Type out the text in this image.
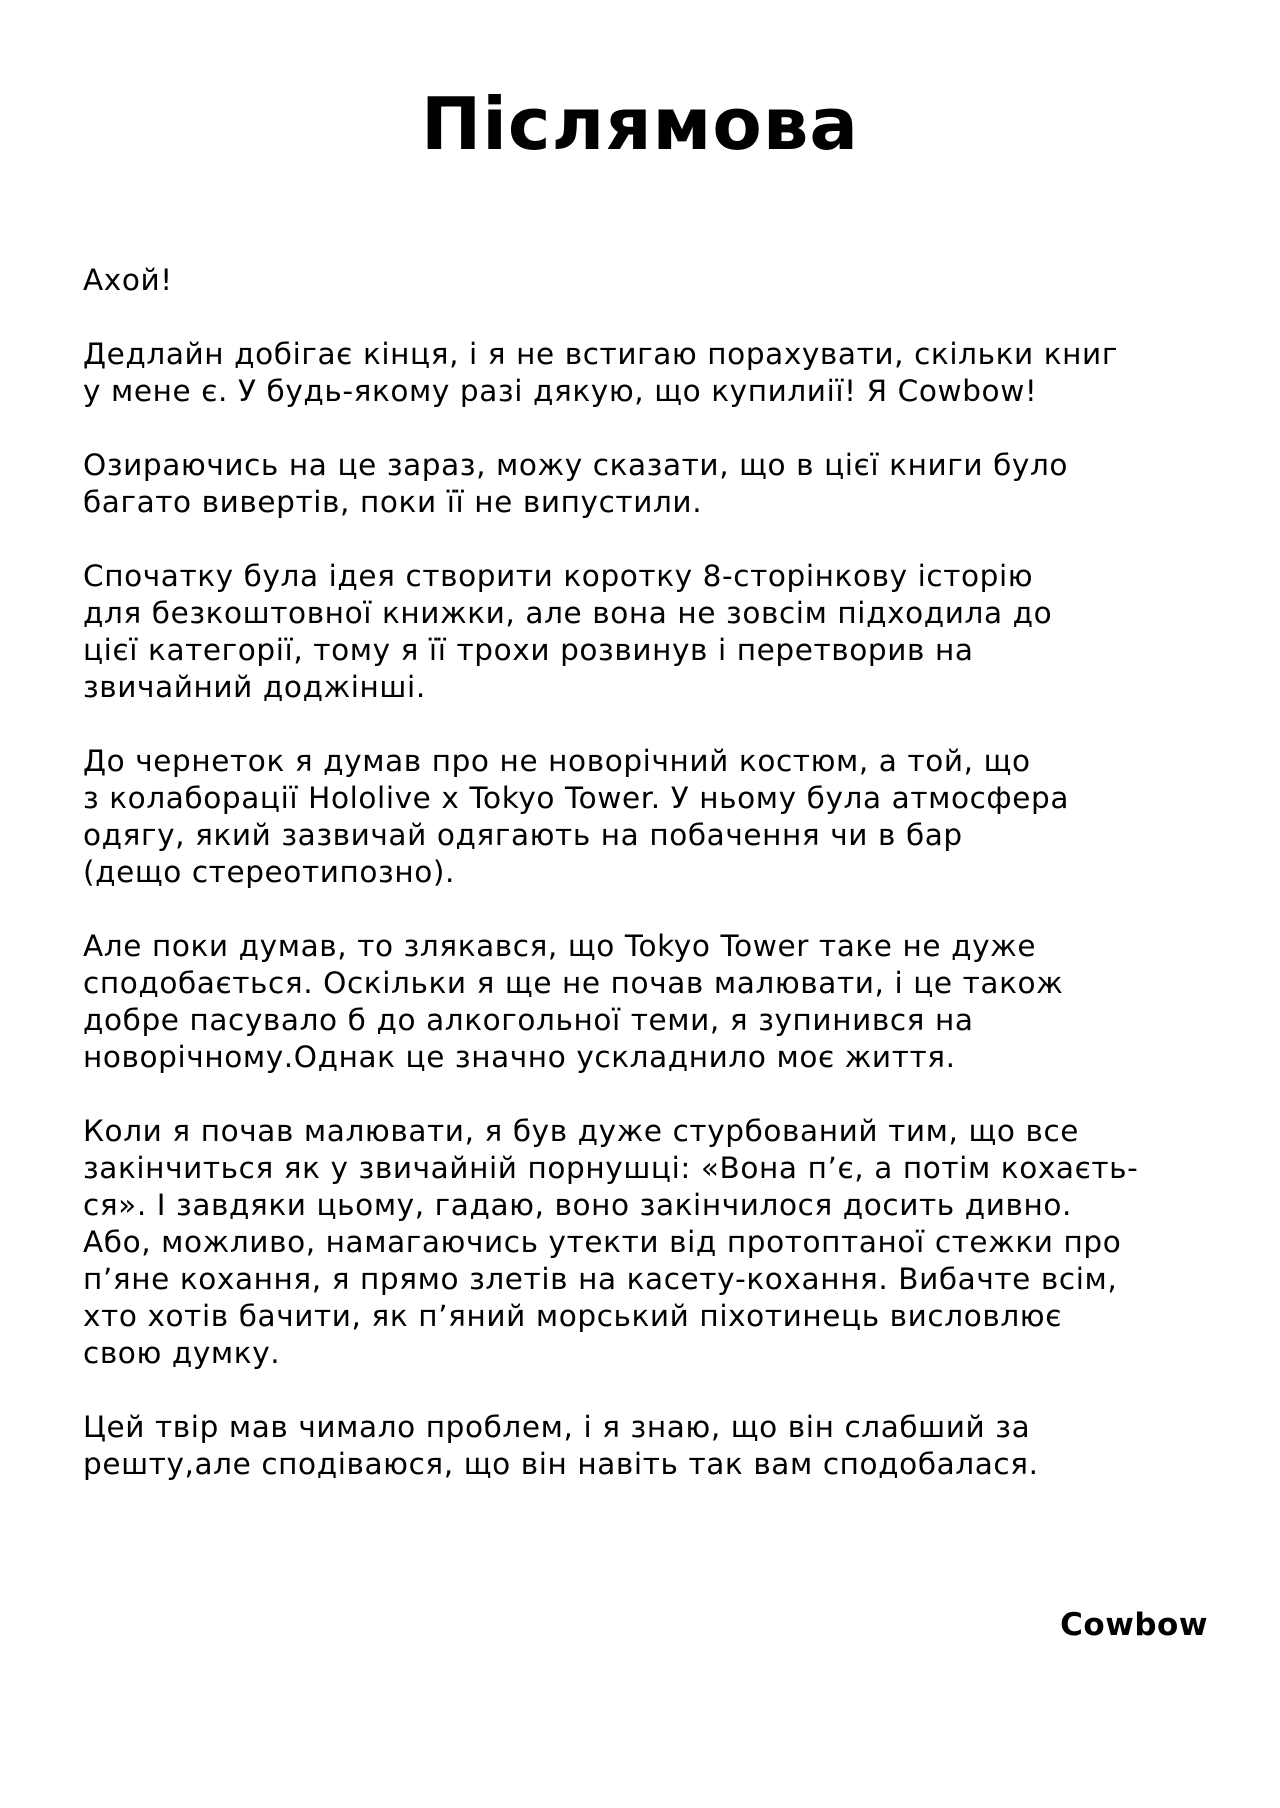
Післямова
Ахой!
Дедлайн добігає кінця, і я не встигаю порахувати, скільки книг
у мене є. У будь-якому разі дякую, що купилиії! Я Cowbow!
Озираючись на це зараз, можу сказати, що в цієї книги було
багато вивертів, поки її не випустили.
Спочатку була ідея створити коротку 8-сторінкову історію
для безкоштовної книжки, але вона не зовсім підходила до
цієї категорії, тому я її трохи розвинув і перетворив на
звичайний доджінші.
До чернеток я думав про не новорічний костюм, а той, що
з колаборації Hololive x Tokyo Tower. У ньому була атмосфера
одягу, який зазвичай одягають на побачення чи в бар
(дещо стереотипозно).
Але поки думав, то злякався, що Tokyo Tower таке не дуже
сподобається. Оскільки я ще не почав малювати, і це також
добре пасувало б до алкогольної теми, я зупинився на
новорічному.Однак це значно ускладнило моє життя.
Коли я почав малювати, я був дуже стурбований тим, що все
закінчиться як у звичайній порнушці: «Вона п’є, а потім кохаєть-
ся». І завдяки цьому, гадаю, воно закінчилося досить дивно.
Або, можливо, намагаючись утекти від протоптаної стежки про
п’яне кохання, я прямо злетів на касету-кохання. Вибачте всім,
хто хотів бачити, як п’яний морський піхотинець висловлює
свою думку.
Цей твір мав чимало проблем, і я знаю, що він слабший за
решту,але сподіваюся, що він навіть так вам сподобалася.
Cowbow
